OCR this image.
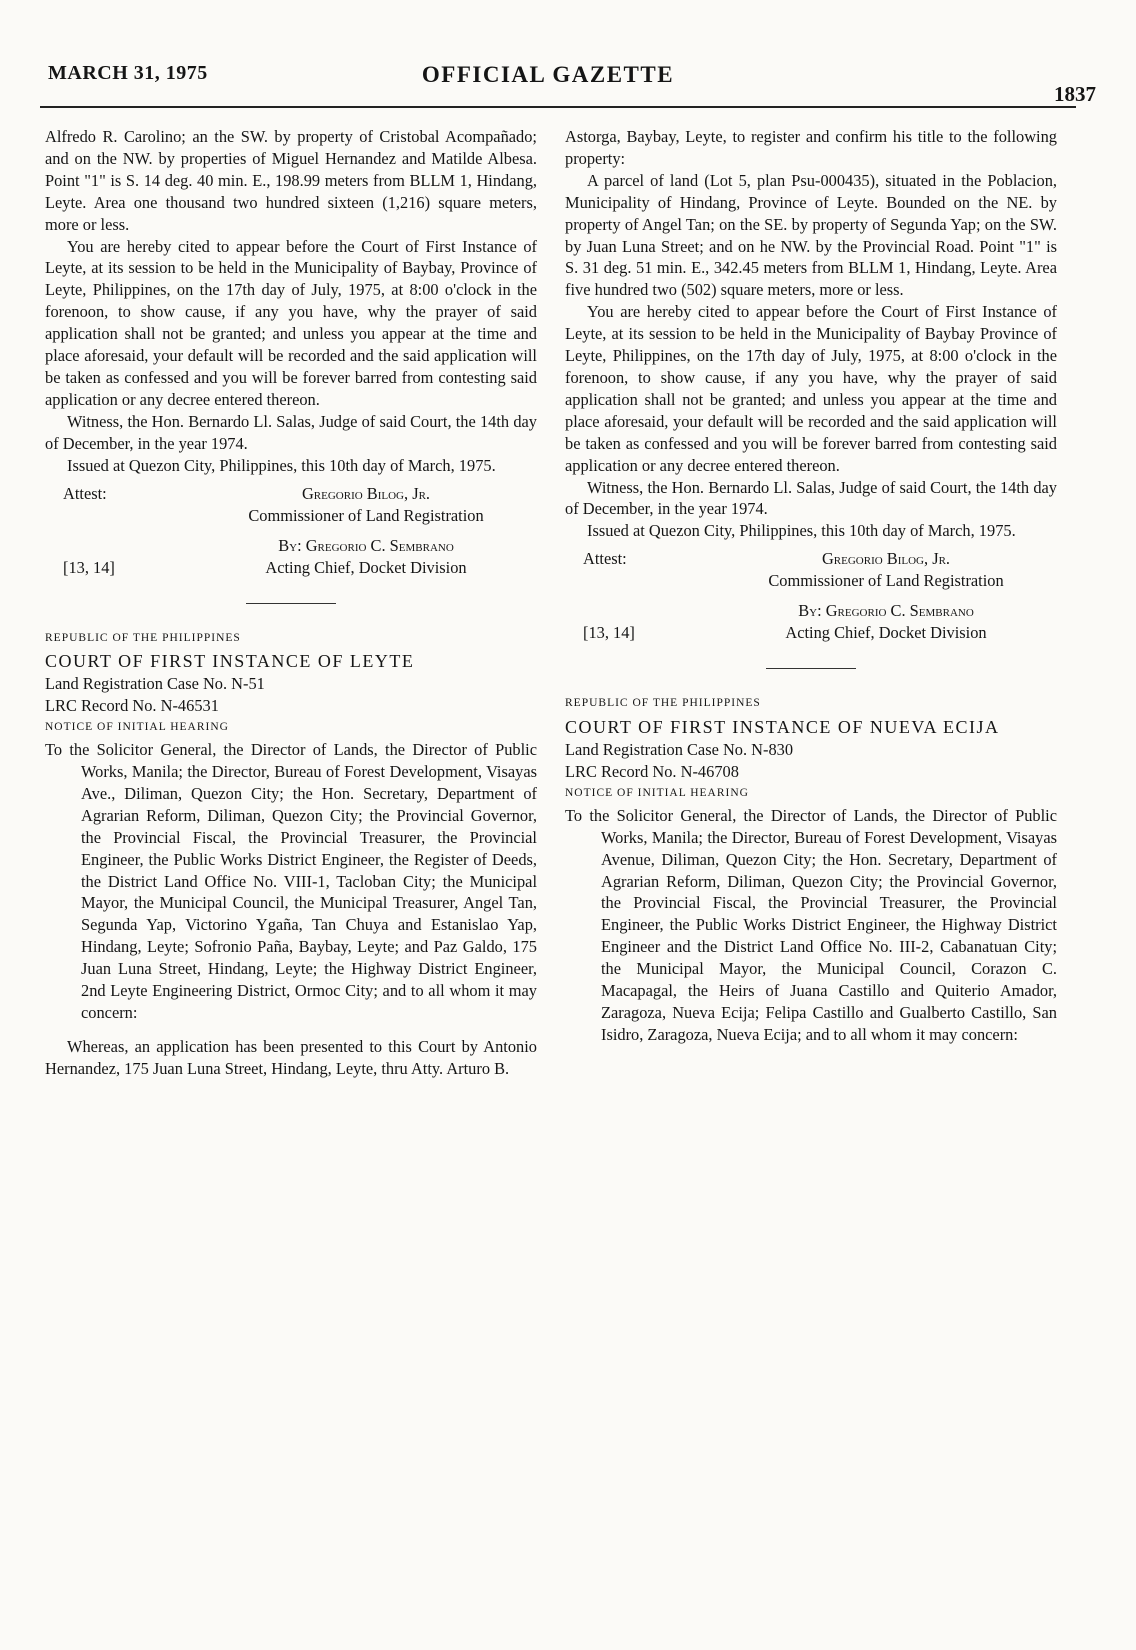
MARCH 31, 1975	OFFICIAL GAZETTE
1837

Alfredo R. Carolino; an the SW. by property of Cristobal Acompañado; and on the NW. by properties of Miguel Hernandez and Matilde Albesa. Point "1" is S. 14 deg. 40 min. E., 198.99 meters from BLLM 1, Hindang, Leyte. Area one thousand two hundred sixteen (1,216) square meters, more or less.

You are hereby cited to appear before the Court of First Instance of Leyte, at its session to be held in the Municipality of Baybay, Province of Leyte, Philippines, on the 17th day of July, 1975, at 8:00 o'clock in the forenoon, to show cause, if any you have, why the prayer of said application shall not be granted; and unless you appear at the time and place aforesaid, your default will be recorded and the said application will be taken as confessed and you will be forever barred from contesting said application or any decree entered thereon.

Witness, the Hon. Bernardo Ll. Salas, Judge of said Court, the 14th day of December, in the year 1974.

Issued at Quezon City, Philippines, this 10th day of March, 1975.

Attest:	Gregorio Bilog, Jr.
Commissioner of Land Registration
By: Gregorio C. Sembrano
[13, 14]	Acting Chief, Docket Division

REPUBLIC OF THE PHILIPPINES

COURT OF FIRST INSTANCE OF LEYTE

Land Registration Case No. N-51

LRC Record No. N-46531

NOTICE OF INITIAL HEARING

To the Solicitor General, the Director of Lands, the Director of Public Works, Manila; the Director, Bureau of Forest Development, Visayas Ave., Diliman, Quezon City; the Hon. Secretary, Department of Agrarian Reform, Diliman, Quezon City; the Provincial Governor, the Provincial Fiscal, the Provincial Treasurer, the Provincial Engineer, the Public Works District Engineer, the Register of Deeds, the District Land Office No. VIII-1, Tacloban City; the Municipal Mayor, the Municipal Council, the Municipal Treasurer, Angel Tan, Segunda Yap, Victorino Ygaña, Tan Chuya and Estanislao Yap, Hindang, Leyte; Sofronio Paña, Baybay, Leyte; and Paz Galdo, 175 Juan Luna Street, Hindang, Leyte; the Highway District Engineer, 2nd Leyte Engineering District, Ormoc City; and to all whom it may concern:

Whereas, an application has been presented to this Court by Antonio Hernandez, 175 Juan Luna Street, Hindang, Leyte, thru Atty. Arturo B.

Astorga, Baybay, Leyte, to register and confirm his title to the following property:

A parcel of land (Lot 5, plan Psu-000435), situated in the Poblacion, Municipality of Hindang, Province of Leyte. Bounded on the NE. by property of Angel Tan; on the SE. by property of Segunda Yap; on the SW. by Juan Luna Street; and on he NW. by the Provincial Road. Point "1" is S. 31 deg. 51 min. E., 342.45 meters from BLLM 1, Hindang, Leyte. Area five hundred two (502) square meters, more or less.

You are hereby cited to appear before the Court of First Instance of Leyte, at its session to be held in the Municipality of Baybay Province of Leyte, Philippines, on the 17th day of July, 1975, at 8:00 o'clock in the forenoon, to show cause, if any you have, why the prayer of said application shall not be granted; and unless you appear at the time and place aforesaid, your default will be recorded and the said application will be taken as confessed and you will be forever barred from contesting said application or any decree entered thereon.

Witness, the Hon. Bernardo Ll. Salas, Judge of said Court, the 14th day of December, in the year 1974.

Issued at Quezon City, Philippines, this 10th day of March, 1975.

Attest:	Gregorio Bilog, Jr.
Commissioner of Land Registration
By: Gregorio C. Sembrano
[13, 14]	Acting Chief, Docket Division

REPUBLIC OF THE PHILIPPINES

COURT OF FIRST INSTANCE OF NUEVA ECIJA

Land Registration Case No. N-830

LRC Record No. N-46708

NOTICE OF INITIAL HEARING

To the Solicitor General, the Director of Lands, the Director of Public Works, Manila; the Director, Bureau of Forest Development, Visayas Avenue, Diliman, Quezon City; the Hon. Secretary, Department of Agrarian Reform, Diliman, Quezon City; the Provincial Governor, the Provincial Fiscal, the Provincial Treasurer, the Provincial Engineer, the Public Works District Engineer, the Highway District Engineer and the District Land Office No. III-2, Cabanatuan City; the Municipal Mayor, the Municipal Council, Corazon C. Macapagal, the Heirs of Juana Castillo and Quiterio Amador, Zaragoza, Nueva Ecija; Felipa Castillo and Gualberto Castillo, San Isidro, Zaragoza, Nueva Ecija; and to all whom it may concern:
